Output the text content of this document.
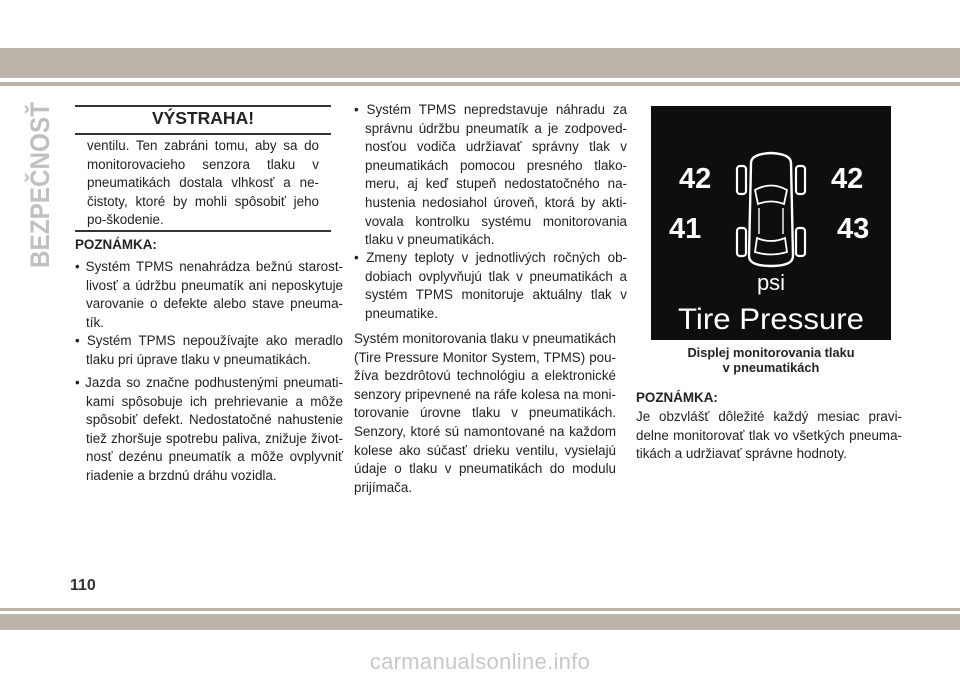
BEZPEČNOSŤ	VÝSTRAHA!

ventilu. Ten zabráni tomu, aby sa do monitorovacieho senzora tlaku v pneumatikách dostala vlhkosť a ne-čistoty, ktoré by mohli spôsobiť jeho po-škodenie.

POZNÁMKA:

• Systém TPMS nenahrádza bežnú starost-livosť a údržbu pneumatík ani neposkytuje varovanie o defekte alebo stave pneuma-tík.

• Systém TPMS nepoužívajte ako meradlo tlaku pri úprave tlaku v pneumatikách.

• Jazda so značne podhustenými pneumati-kami spôsobuje ich prehrievanie a môže spôsobiť defekt. Nedostatočné nahustenie tiež zhoršuje spotrebu paliva, znižuje život-nosť dezénu pneumatík a môže ovplyvniť riadenie a brzdnú dráhu vozidla.

• Systém TPMS nepredstavuje náhradu za správnu údržbu pneumatík a je zodpoved-nosťou vodiča udržiavať správny tlak v pneumatikách pomocou presného tlako-meru, aj keď stupeň nedostatočného na-hustenia nedosiahol úroveň, ktorá by akti-vovala kontrolku systému monitorovania tlaku v pneumatikách.

• Zmeny teploty v jednotlivých ročných ob-dobiach ovplyvňujú tlak v pneumatikách a systém TPMS monitoruje aktuálny tlak v pneumatike.

Systém monitorovania tlaku v pneumatikách (Tire Pressure Monitor System, TPMS) pou-žíva bezdrôtovú technológiu a elektronické senzory pripevnené na ráfe kolesa na moni-torovanie úrovne tlaku v pneumatikách. Senzory, ktoré sú namontované na každom kolese ako súčasť drieku ventilu, vysielajú údaje o tlaku v pneumatikách do modulu prijímača.

42	42
41	43
psi
Tire Pressure

Displej monitorovania tlaku
v pneumatikách

POZNÁMKA:

Je obzvlášť dôležité každý mesiac pravi-delne monitorovať tlak vo všetkých pneuma-tikách a udržiavať správne hodnoty.

110
carmanualsonline.info
